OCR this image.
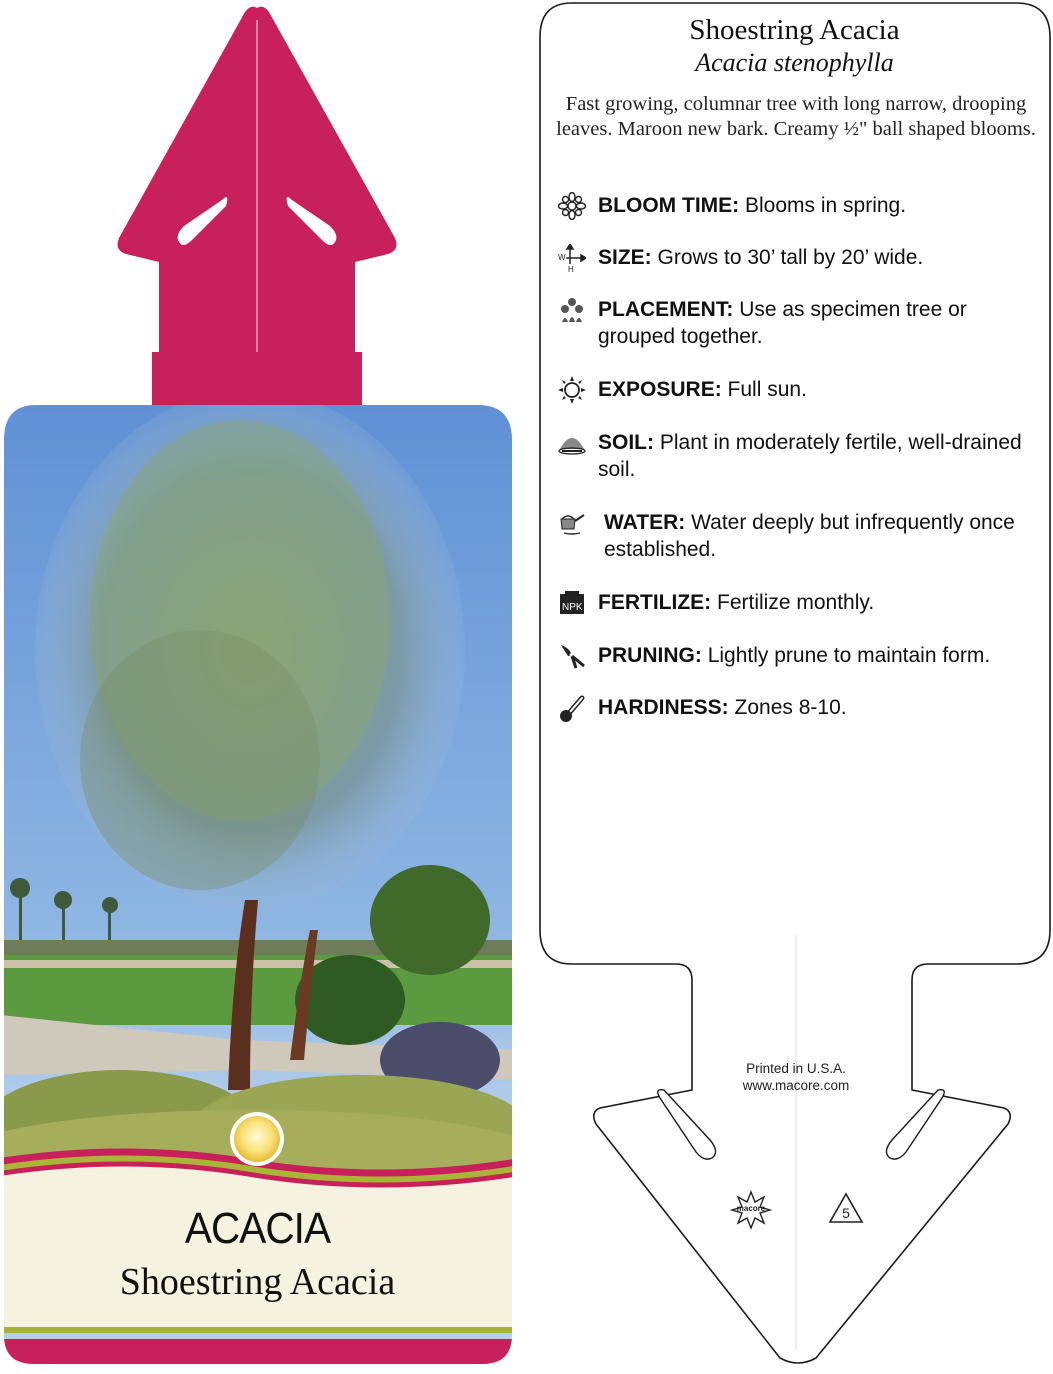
ACACIA
Shoestring Acacia
macore	5
Shoestring Acacia
Acacia stenophylla
Fast growing, columnar tree with long narrow, drooping leaves. Maroon new bark. Creamy ½" ball shaped blooms.
BLOOM TIME: Blooms in spring.
W
H
SIZE: Grows to 30’ tall by 20’ wide.
PLACEMENT: Use as specimen tree or grouped together.
EXPOSURE: Full sun.
SOIL: Plant in moderately fertile, well-drained soil.
WATER: Water deeply but infrequently once established.
NPK FERTILIZE: Fertilize monthly.
PRUNING: Lightly prune to maintain form.
HARDINESS: Zones 8-10.
Printed in U.S.A.
www.macore.com
